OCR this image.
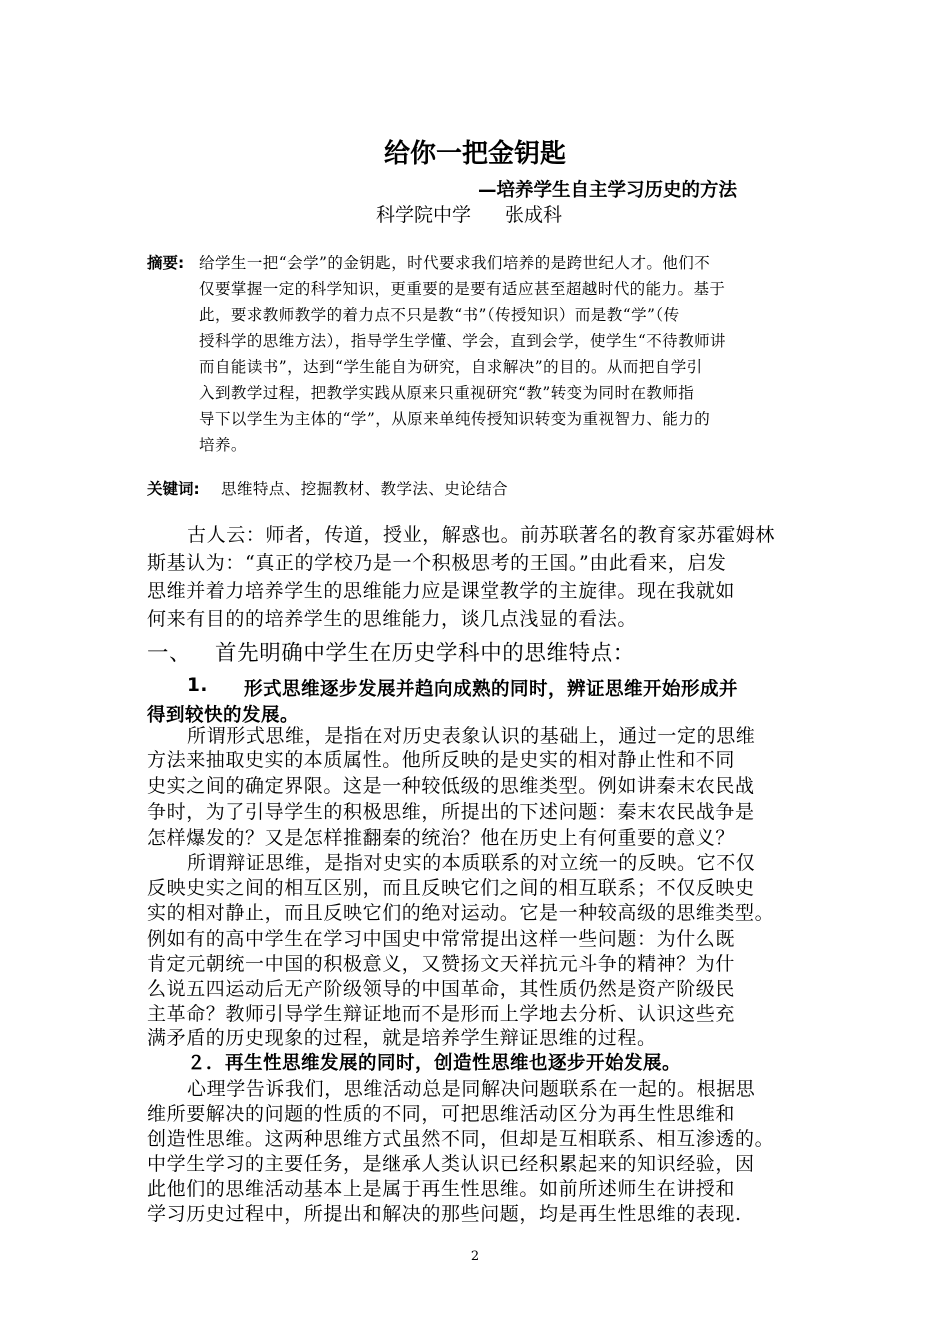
给你一把金钥匙
—培养学生自主学习历史的方法
科学院中学 张成科
摘要: 给学生一把“会学”的金钥匙，时代要求我们培养的是跨世纪人才。他们不
仅要掌握一定的科学知识，更重要的是要有适应甚至超越时代的能力。基于
此，要求教师教学的着力点不只是教“书”（传授知识）而是教“学”（传
授科学的思维方法），指导学生学懂、学会，直到会学，使学生“不待教师讲
而自能读书”，达到“学生能自为研究，自求解决”的目的。从而把自学引
入到教学过程，把教学实践从原来只重视研究“教”转变为同时在教师指
导下以学生为主体的“学”，从原来单纯传授知识转变为重视智力、能力的
培养。
关键词: 思维特点、挖掘教材、教学法、史论结合
古人云：师者，传道，授业，解惑也。前苏联著名的教育家苏霍姆林
斯基认为：“真正的学校乃是一个积极思考的王国。”由此看来，启发
思维并着力培养学生的思维能力应是课堂教学的主旋律。现在我就如
何来有目的的培养学生的思维能力，谈几点浅显的看法。
一、 首先明确中学生在历史学科中的思维特点：
1. 形式思维逐步发展并趋向成熟的同时，辨证思维开始形成并
得到较快的发展。
所谓形式思维，是指在对历史表象认识的基础上，通过一定的思维
方法来抽取史实的本质属性。他所反映的是史实的相对静止性和不同
史实之间的确定界限。这是一种较低级的思维类型。例如讲秦末农民战
争时，为了引导学生的积极思维，所提出的下述问题：秦末农民战争是
怎样爆发的？又是怎样推翻秦的统治？他在历史上有何重要的意义？
所谓辩证思维，是指对史实的本质联系的对立统一的反映。它不仅
反映史实之间的相互区别，而且反映它们之间的相互联系；不仅反映史
实的相对静止，而且反映它们的绝对运动。它是一种较高级的思维类型。
例如有的高中学生在学习中国史中常常提出这样一些问题：为什么既
肯定元朝统一中国的积极意义，又赞扬文天祥抗元斗争的精神？为什
么说五四运动后无产阶级领导的中国革命，其性质仍然是资产阶级民
主革命？教师引导学生辩证地而不是形而上学地去分析、认识这些充
满矛盾的历史现象的过程，就是培养学生辩证思维的过程。
２．再生性思维发展的同时，创造性思维也逐步开始发展。
心理学告诉我们，思维活动总是同解决问题联系在一起的。根据思
维所要解决的问题的性质的不同，可把思维活动区分为再生性思维和
创造性思维。这两种思维方式虽然不同，但却是互相联系、相互渗透的。
中学生学习的主要任务，是继承人类认识已经积累起来的知识经验，因
此他们的思维活动基本上是属于再生性思维。如前所述师生在讲授和
学习历史过程中，所提出和解决的那些问题，均是再生性思维的表现.
2
